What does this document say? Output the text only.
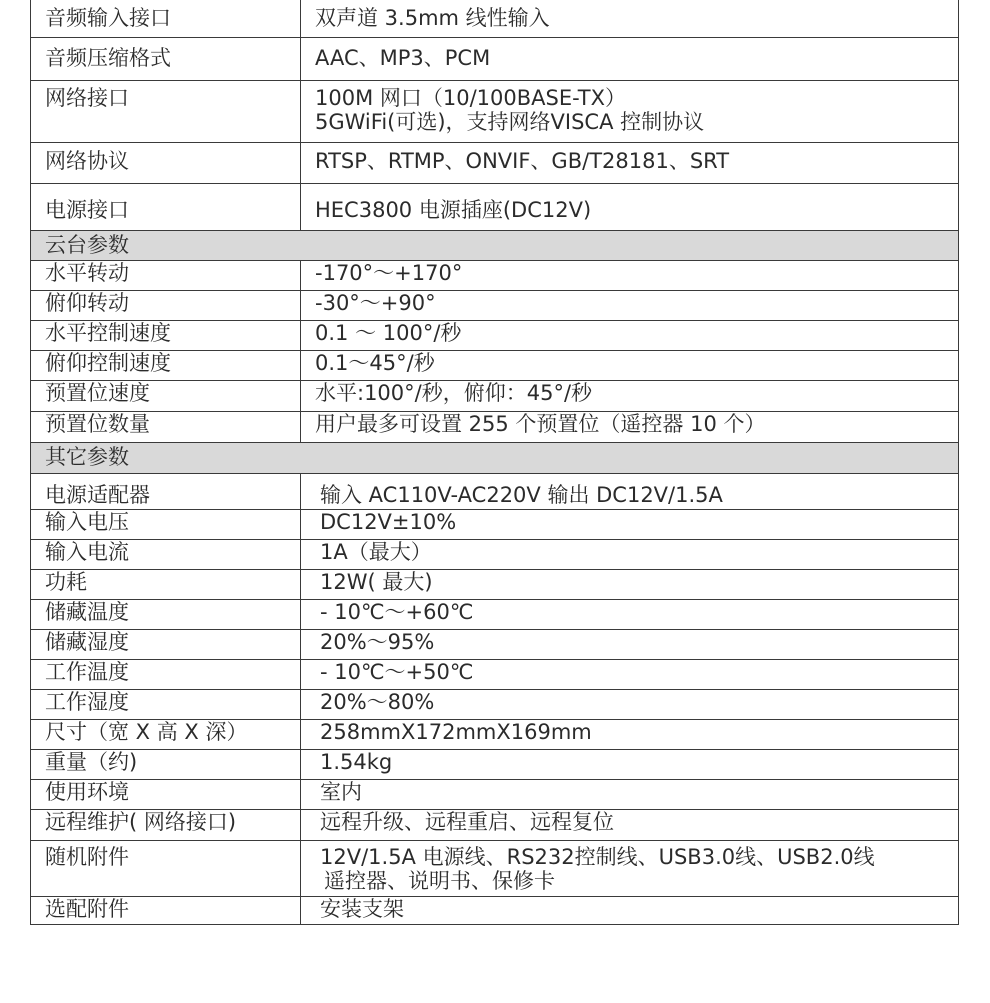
音频输入接口	双声道 3.5mm 线性输入

音频压缩格式	AAC、MP3、PCM

网络接口	100M 网口（10/100BASE-TX）
5GWiFi(可选)，支持网络VISCA 控制协议

网络协议	RTSP、RTMP、ONVIF、GB/T28181、SRT

电源接口	HEC3800 电源插座(DC12V)

云台参数	
水平转动	-170°～+170°

俯仰转动	-30°～+90°

水平控制速度	0.1 ～ 100°/秒

俯仰控制速度	0.1～45°/秒

预置位速度	水平:100°/秒，俯仰：45°/秒

预置位数量	用户最多可设置 255 个预置位（遥控器 10 个）

其它参数	
电源适配器	输入 AC110V-AC220V 输出 DC12V/1.5A

输入电压	DC12V±10%

输入电流	1A（最大）

功耗	12W( 最大)

储藏温度	- 10℃～+60℃

储藏湿度	20%～95%

工作温度	- 10℃～+50℃

工作湿度	20%～80%

尺寸（宽 X 高 X 深）	258mmX172mmX169mm

重量（约)	1.54kg

使用环境	室内

远程维护( 网络接口)	远程升级、远程重启、远程复位

随机附件	12V/1.5A 电源线、RS232控制线、USB3.0线、USB2.0线
遥控器、说明书、保修卡

选配附件	安装支架
